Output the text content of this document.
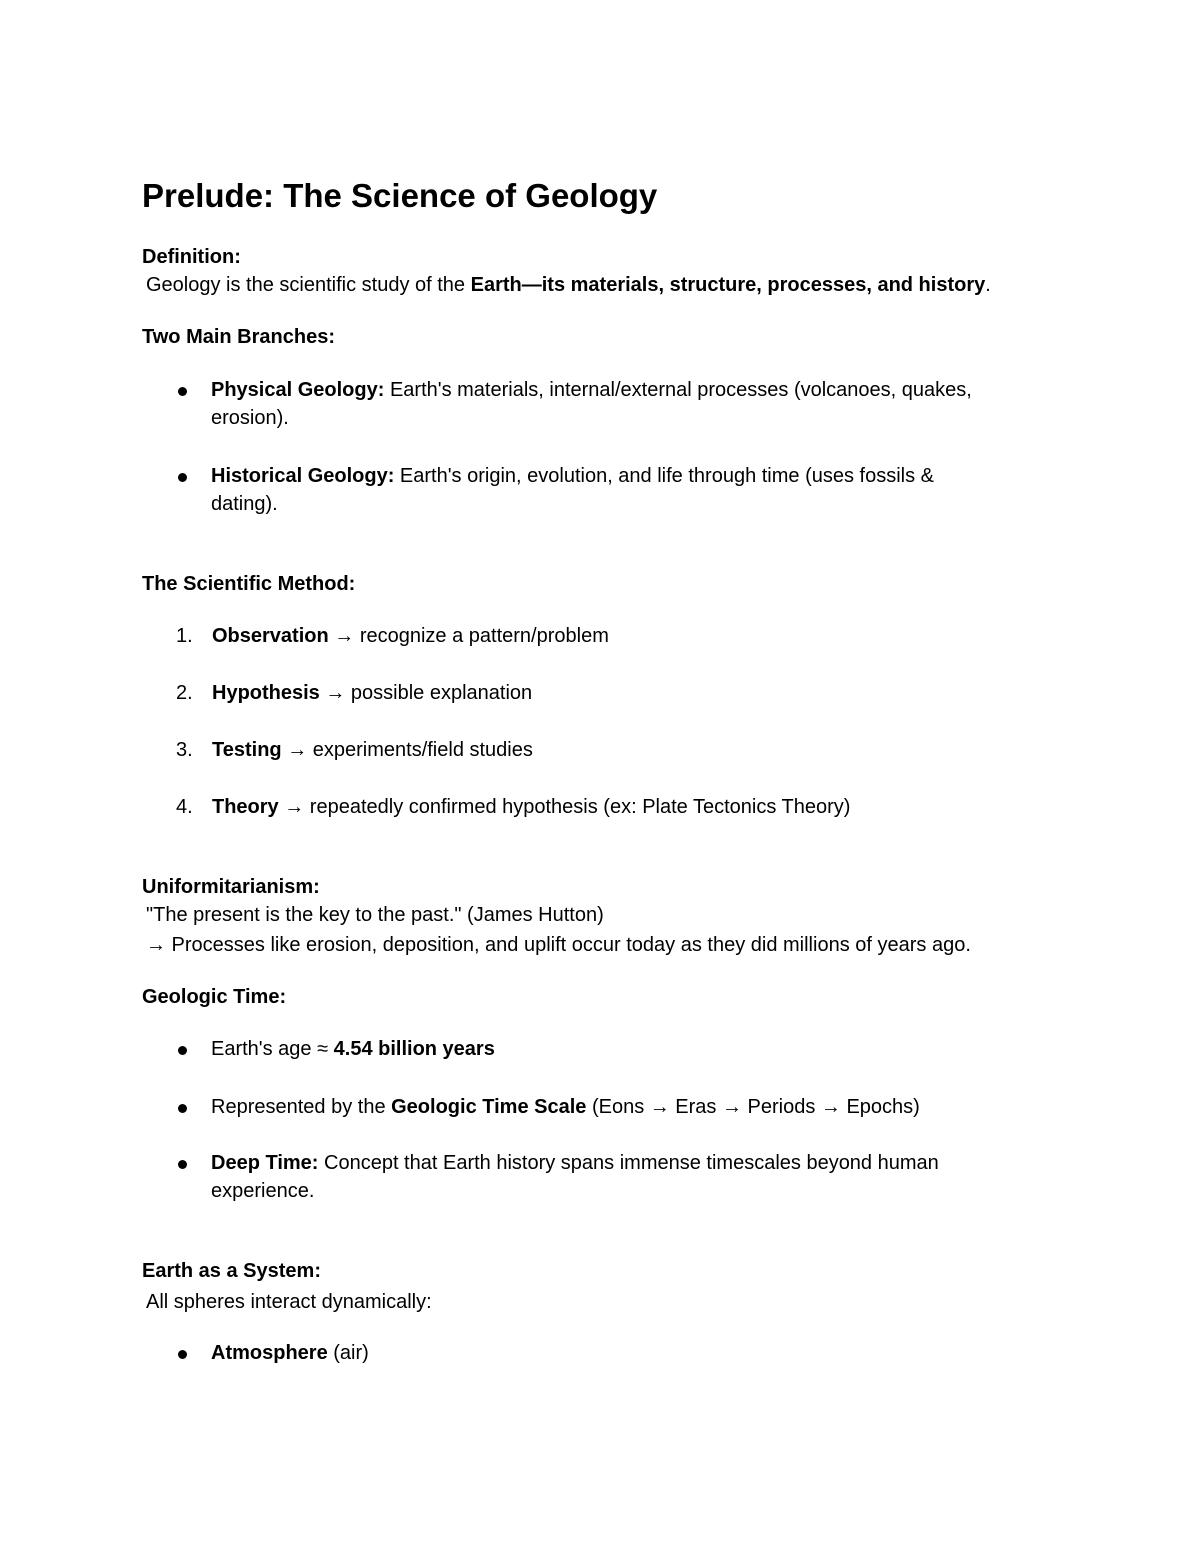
Prelude: The Science of Geology
Definition:
Geology is the scientific study of the Earth—its materials, structure, processes, and history.
Two Main Branches:
Physical Geology: Earth's materials, internal/external processes (volcanoes, quakes,
erosion).
Historical Geology: Earth's origin, evolution, and life through time (uses fossils &
dating).
The Scientific Method:
1. Observation → recognize a pattern/problem
2. Hypothesis → possible explanation
3. Testing → experiments/field studies
4. Theory → repeatedly confirmed hypothesis (ex: Plate Tectonics Theory)
Uniformitarianism:
"The present is the key to the past." (James Hutton)
→ Processes like erosion, deposition, and uplift occur today as they did millions of years ago.
Geologic Time:
Earth's age ≈ 4.54 billion years
Represented by the Geologic Time Scale (Eons → Eras → Periods → Epochs)
Deep Time: Concept that Earth history spans immense timescales beyond human
experience.
Earth as a System:
All spheres interact dynamically:
Atmosphere (air)
